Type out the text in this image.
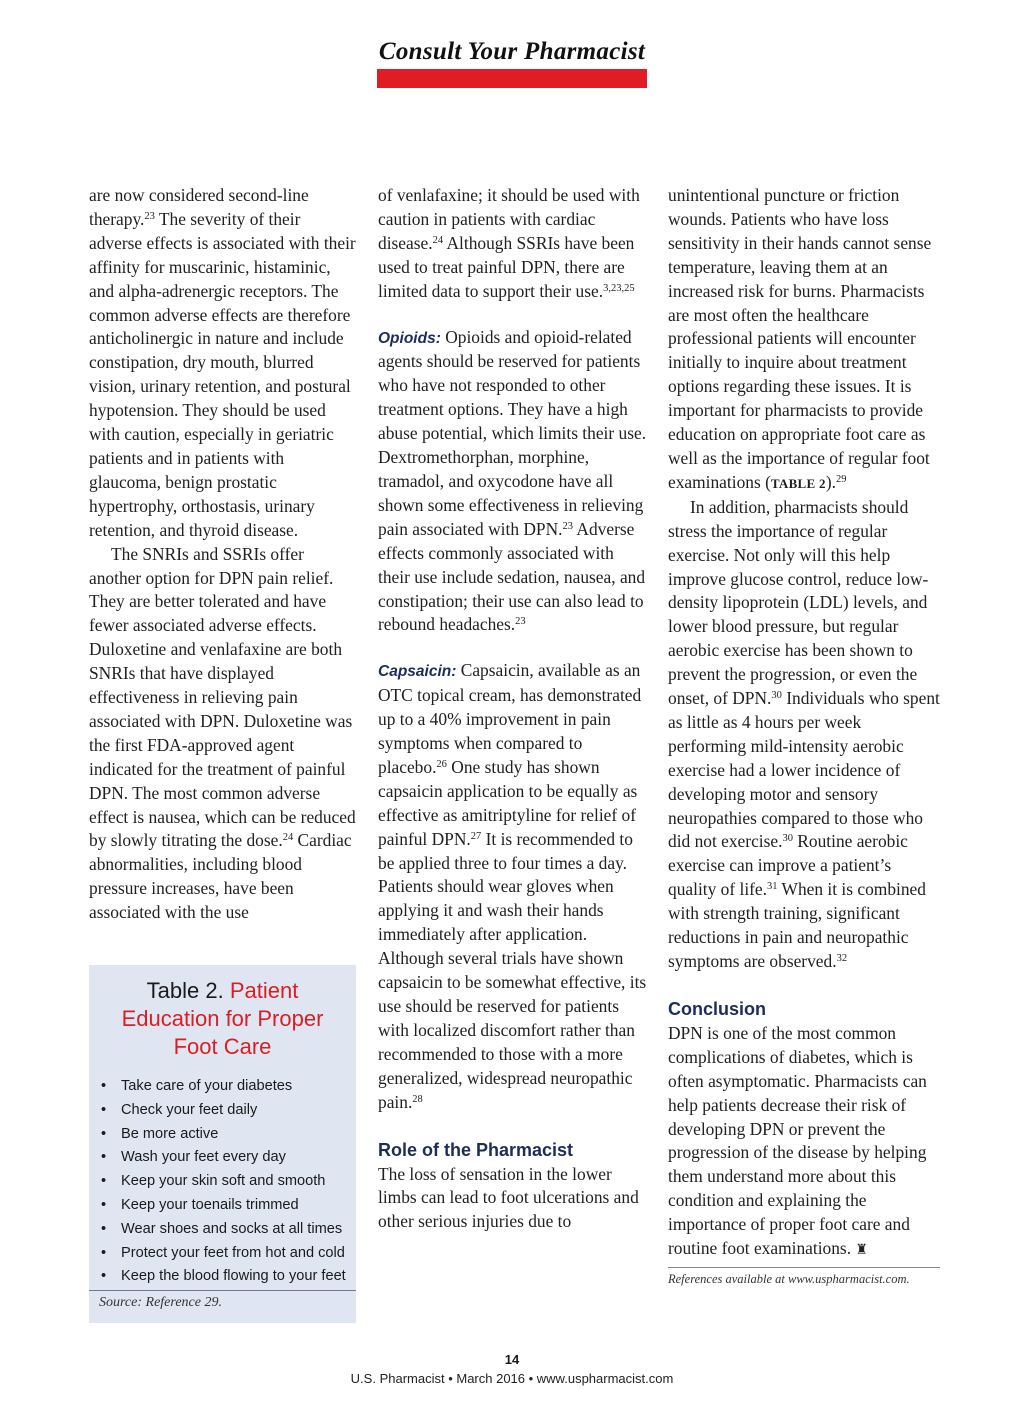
Consult Your Pharmacist

are now considered second-line therapy.$^{23}$ The severity of their adverse effects is associated with their affinity for muscarinic, histaminic, and alpha-adrenergic receptors. The common adverse effects are therefore anticholinergic in nature and include constipation, dry mouth, blurred vision, urinary retention, and postural hypotension. They should be used with caution, especially in geriatric patients and in patients with glaucoma, benign prostatic hypertrophy, orthostasis, urinary retention, and thyroid disease.

The SNRIs and SSRIs offer another option for DPN pain relief. They are better tolerated and have fewer associated adverse effects. Duloxetine and venlafaxine are both SNRIs that have displayed effectiveness in relieving pain associated with DPN. Duloxetine was the first FDA-approved agent indicated for the treatment of painful DPN. The most common adverse effect is nausea, which can be reduced by slowly titrating the dose.$^{24}$ Cardiac abnormalities, including blood pressure increases, have been associated with the use

Table 2. Patient Education for Proper Foot Care
• Take care of your diabetes
• Check your feet daily
• Be more active
• Wash your feet every day
• Keep your skin soft and smooth
• Keep your toenails trimmed
• Wear shoes and socks at all times
• Protect your feet from hot and cold
• Keep the blood flowing to your feet
Source: Reference 29.

of venlafaxine; it should be used with caution in patients with cardiac disease.$^{24}$ Although SSRIs have been used to treat painful DPN, there are limited data to support their use.$^{3,23,25}$

Opioids: Opioids and opioid-related agents should be reserved for patients who have not responded to other treatment options. They have a high abuse potential, which limits their use. Dextromethorphan, morphine, tramadol, and oxycodone have all shown some effectiveness in relieving pain associated with DPN.$^{23}$ Adverse effects commonly associated with their use include sedation, nausea, and constipation; their use can also lead to rebound headaches.$^{23}$

Capsaicin: Capsaicin, available as an OTC topical cream, has demonstrated up to a 40% improvement in pain symptoms when compared to placebo.$^{26}$ One study has shown capsaicin application to be equally as effective as amitriptyline for relief of painful DPN.$^{27}$ It is recommended to be applied three to four times a day. Patients should wear gloves when applying it and wash their hands immediately after application. Although several trials have shown capsaicin to be somewhat effective, its use should be reserved for patients with localized discomfort rather than recommended to those with a more generalized, widespread neuropathic pain.$^{28}$

Role of the Pharmacist

The loss of sensation in the lower limbs can lead to foot ulcerations and other serious injuries due to

unintentional puncture or friction wounds. Patients who have loss sensitivity in their hands cannot sense temperature, leaving them at an increased risk for burns. Pharmacists are most often the healthcare professional patients will encounter initially to inquire about treatment options regarding these issues. It is important for pharmacists to provide education on appropriate foot care as well as the importance of regular foot examinations (TABLE 2).$^{29}$

In addition, pharmacists should stress the importance of regular exercise. Not only will this help improve glucose control, reduce low-density lipoprotein (LDL) levels, and lower blood pressure, but regular aerobic exercise has been shown to prevent the progression, or even the onset, of DPN.$^{30}$ Individuals who spent as little as 4 hours per week performing mild-intensity aerobic exercise had a lower incidence of developing motor and sensory neuropathies compared to those who did not exercise.$^{30}$ Routine aerobic exercise can improve a patient’s quality of life.$^{31}$ When it is combined with strength training, significant reductions in pain and neuropathic symptoms are observed.$^{32}$

Conclusion

DPN is one of the most common complications of diabetes, which is often asymptomatic. Pharmacists can help patients decrease their risk of developing DPN or prevent the progression of the disease by helping them understand more about this condition and explaining the importance of proper foot care and routine foot examinations. ♜

References available at www.uspharmacist.com.
14
U.S. Pharmacist • March 2016 • www.uspharmacist.com
